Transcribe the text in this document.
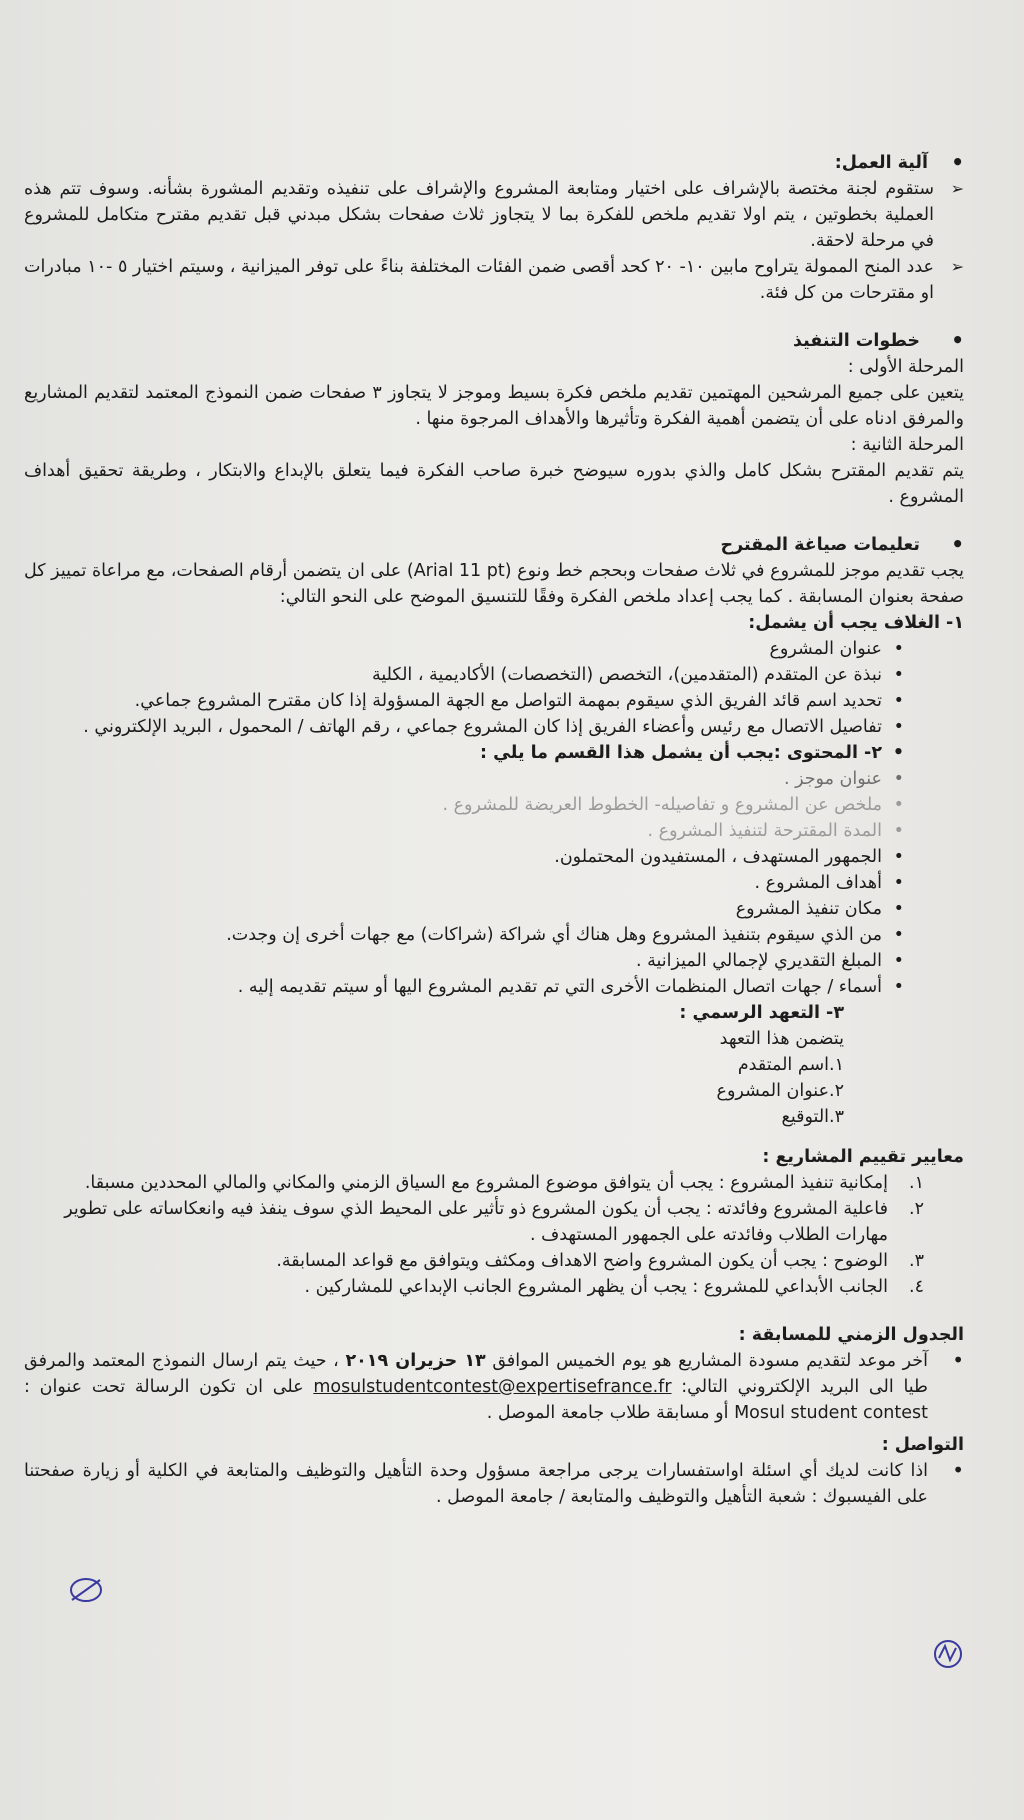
• آلية العمل:
➢
ستقوم لجنة مختصة بالإشراف على اختيار ومتابعة المشروع والإشراف على تنفيذه وتقديم المشورة بشأنه. وسوف تتم هذه العملية بخطوتين ، يتم اولا تقديم ملخص للفكرة بما لا يتجاوز ثلاث صفحات بشكل مبدني قبل تقديم مقترح متكامل للمشروع في مرحلة لاحقة.
➢
عدد المنح الممولة يتراوح مابين ١٠- ٢٠ كحد أقصى ضمن الفئات المختلفة بناءً على توفر الميزانية ، وسيتم اختيار ٥ -١٠ مبادرات او مقترحات من كل فئة.
• خطوات التنفيذ

المرحلة الأولى :

يتعين على جميع المرشحين المهتمين تقديم ملخص فكرة بسيط وموجز لا يتجاوز ٣ صفحات ضمن النموذج المعتمد لتقديم المشاريع والمرفق ادناه على أن يتضمن أهمية الفكرة وتأثيرها والأهداف المرجوة منها .

المرحلة الثانية :

يتم تقديم المقترح بشكل كامل والذي بدوره سيوضح خبرة صاحب الفكرة فيما يتعلق بالإبداع والابتكار ، وطريقة تحقيق أهداف المشروع .

• تعليمات صياغة المقترح

يجب تقديم موجز للمشروع في ثلاث صفحات وبحجم خط ونوع (Arial 11 pt) على ان يتضمن أرقام الصفحات، مع مراعاة تمييز كل صفحة بعنوان المسابقة . كما يجب إعداد ملخص الفكرة وفقًا للتنسيق الموضح على النحو التالي:

١- الغلاف يجب أن يشمل:

• عنوان المشروع
• نبذة عن المتقدم (المتقدمين)، التخصص (التخصصات) الأكاديمية ، الكلية
• تحديد اسم قائد الفريق الذي سيقوم بمهمة التواصل مع الجهة المسؤولة إذا كان مقترح المشروع جماعي.
• تفاصيل الاتصال مع رئيس وأعضاء الفريق إذا كان المشروع جماعي ، رقم الهاتف / المحمول ، البريد الإلكتروني .
• ٢- المحتوى :يجب أن يشمل هذا القسم ما يلي :
• عنوان موجز .
• ملخص عن المشروع و تفاصيله- الخطوط العريضة للمشروع .
• المدة المقترحة لتنفيذ المشروع .
• الجمهور المستهدف ، المستفيدون المحتملون.
• أهداف المشروع .
• مكان تنفيذ المشروع
• من الذي سيقوم بتنفيذ المشروع وهل هناك أي شراكة (شراكات) مع جهات أخرى إن وجدت.
• المبلغ التقديري لإجمالي الميزانية .
• أسماء / جهات اتصال المنظمات الأخرى التي تم تقديم المشروع اليها أو سيتم تقديمه إليه .

٣- التعهد الرسمي :

يتضمن هذا التعهد

١.اسم المتقدم

٢.عنوان المشروع

٣.التوقيع

معايير تقييم المشاريع :

١.
إمكانية تنفيذ المشروع : يجب أن يتوافق موضوع المشروع مع السياق الزمني والمكاني والمالي المحددين مسبقا.
٢.
فاعلية المشروع وفائدته : يجب أن يكون المشروع ذو تأثير على المحيط الذي سوف ينفذ فيه وانعكاساته على تطوير مهارات الطلاب وفائدته على الجمهور المستهدف .
٣.
الوضوح : يجب أن يكون المشروع واضح الاهداف ومكثف ويتوافق مع قواعد المسابقة.
٤.
الجانب الأبداعي للمشروع : يجب أن يظهر المشروع الجانب الإبداعي للمشاركين .

الجدول الزمني للمسابقة :

• آخر موعد لتقديم مسودة المشاريع هو يوم الخميس الموافق ١٣ حزيران ٢٠١٩ ، حيث يتم ارسال النموذج المعتمد والمرفق طيا الى البريد الإلكتروني التالي: mosulstudentcontest@expertisefrance.fr على ان تكون الرسالة تحت عنوان : Mosul student contest أو مسابقة طلاب جامعة الموصل .

التواصل :

• اذا كانت لديك أي اسئلة اواستفسارات يرجى مراجعة مسؤول وحدة التأهيل والتوظيف والمتابعة في الكلية أو زيارة صفحتنا على الفيسبوك : شعبة التأهيل والتوظيف والمتابعة / جامعة الموصل .
